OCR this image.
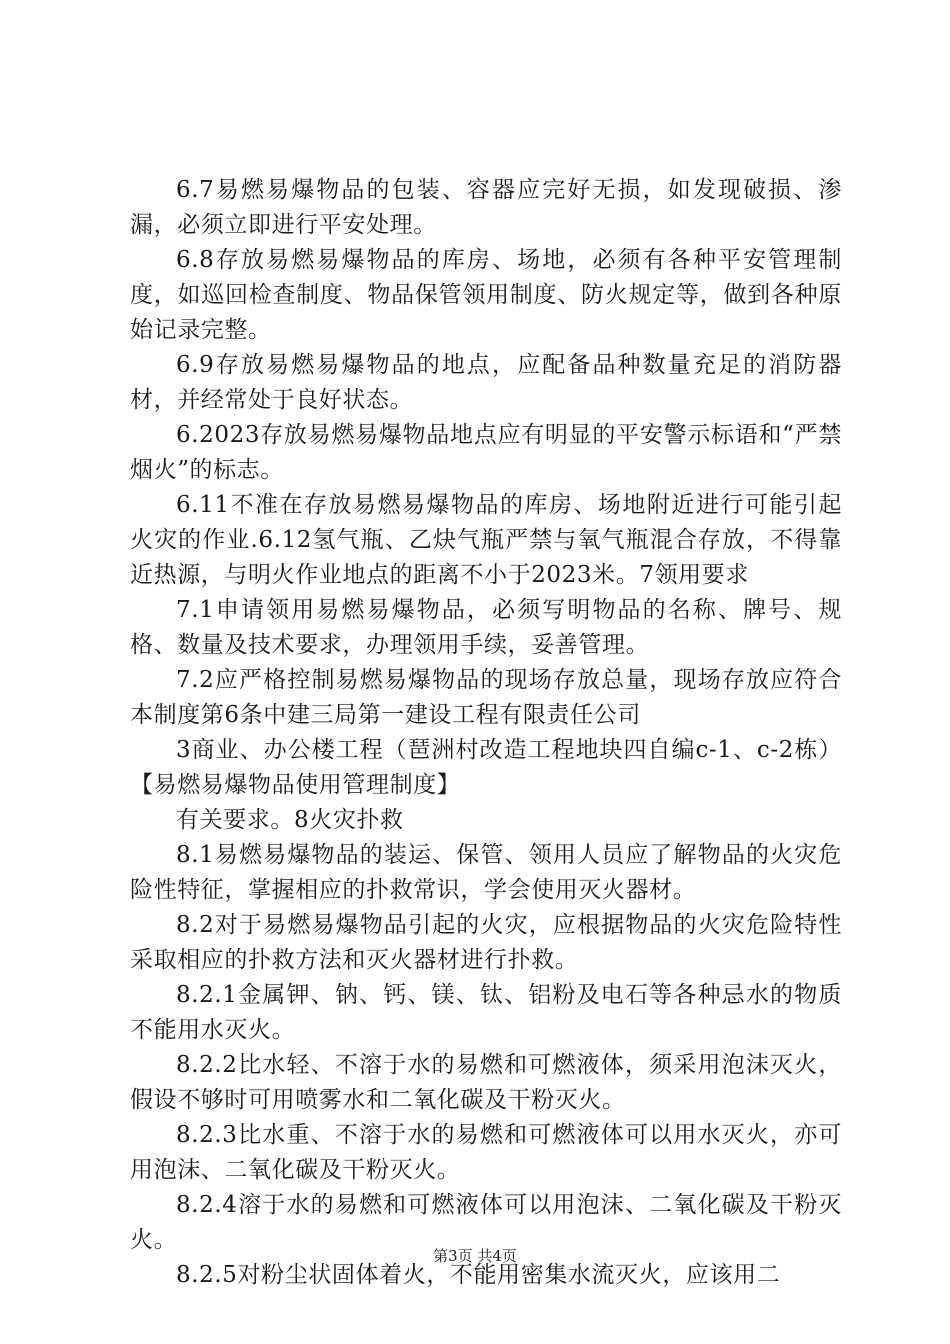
6.7易燃易爆物品的包装、容器应完好无损，如发现破损、渗漏，必须立即进行平安处理。

6.8存放易燃易爆物品的库房、场地，必须有各种平安管理制度，如巡回检查制度、物品保管领用制度、防火规定等，做到各种原始记录完整。

6.9存放易燃易爆物品的地点，应配备品种数量充足的消防器材，并经常处于良好状态。

6.2023存放易燃易爆物品地点应有明显的平安警示标语和“严禁烟火”的标志。

6.11不准在存放易燃易爆物品的库房、场地附近进行可能引起火灾的作业.6.12氢气瓶、乙炔气瓶严禁与氧气瓶混合存放，不得靠近热源，与明火作业地点的距离不小于2023米。7领用要求

7.1申请领用易燃易爆物品，必须写明物品的名称、牌号、规格、数量及技术要求，办理领用手续，妥善管理。

7.2应严格控制易燃易爆物品的现场存放总量，现场存放应符合本制度第6条中建三局第一建设工程有限责任公司

3商业、办公楼工程（琶洲村改造工程地块四自编c-1、c-2栋）【易燃易爆物品使用管理制度】

有关要求。8火灾扑救

8.1易燃易爆物品的装运、保管、领用人员应了解物品的火灾危险性特征，掌握相应的扑救常识，学会使用灭火器材。

8.2对于易燃易爆物品引起的火灾，应根据物品的火灾危险特性采取相应的扑救方法和灭火器材进行扑救。

8.2.1金属钾、钠、钙、镁、钛、铝粉及电石等各种忌水的物质不能用水灭火。

8.2.2比水轻、不溶于水的易燃和可燃液体，须采用泡沫灭火，假设不够时可用喷雾水和二氧化碳及干粉灭火。

8.2.3比水重、不溶于水的易燃和可燃液体可以用水灭火，亦可用泡沫、二氧化碳及干粉灭火。

8.2.4溶于水的易燃和可燃液体可以用泡沫、二氧化碳及干粉灭火。

8.2.5对粉尘状固体着火，不能用密集水流灭火，应该用二

第3页 共4页
